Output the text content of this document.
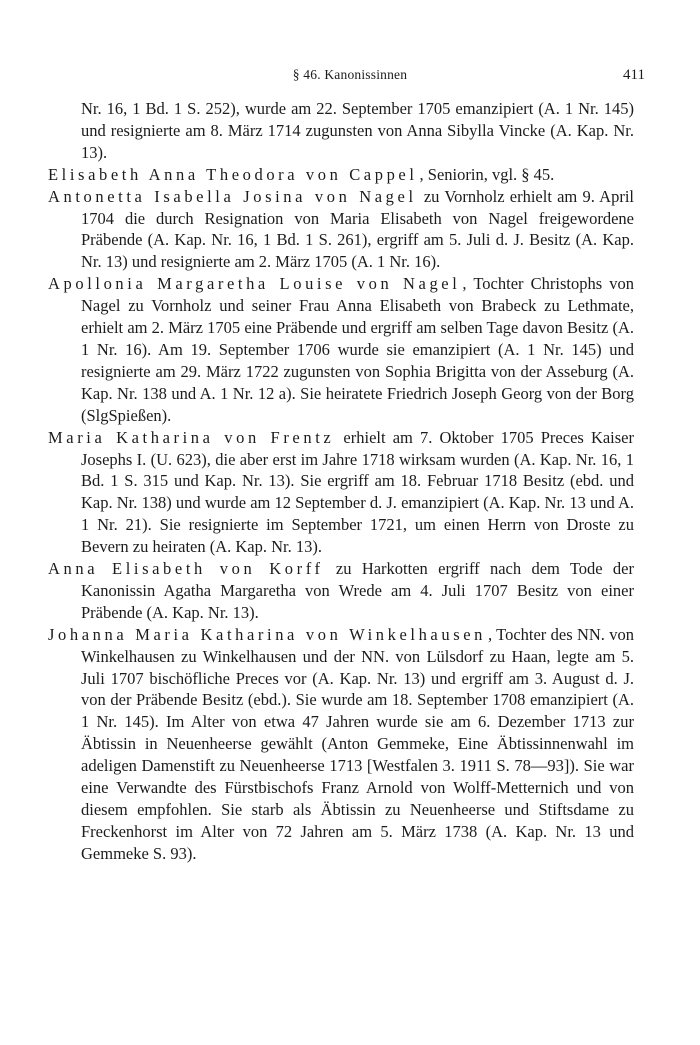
§ 46. Kanonissinnen	411

Nr. 16, 1 Bd. 1 S. 252), wurde am 22. September 1705 emanzipiert (A. 1 Nr. 145) und resignierte am 8. März 1714 zugunsten von Anna Sibylla Vincke (A. Kap. Nr. 13).

Elisabeth Anna Theodora von Cappel , Seniorin, vgl. § 45.

Antonetta Isabella Josina von Nagel zu Vornholz erhielt am 9. April 1704 die durch Resignation von Maria Elisabeth von Nagel freigewordene Präbende (A. Kap. Nr. 16, 1 Bd. 1 S. 261), ergriff am 5. Juli d. J. Besitz (A. Kap. Nr. 13) und resignierte am 2. März 1705 (A. 1 Nr. 16).

Apollonia Margaretha Louise von Nagel , Tochter Christophs von Nagel zu Vornholz und seiner Frau Anna Elisabeth von Brabeck zu Lethmate, erhielt am 2. März 1705 eine Präbende und ergriff am selben Tage davon Besitz (A. 1 Nr. 16). Am 19. September 1706 wurde sie emanzipiert (A. 1 Nr. 145) und resignierte am 29. März 1722 zugunsten von Sophia Brigitta von der Asseburg (A. Kap. Nr. 138 und A. 1 Nr. 12 a). Sie heiratete Friedrich Joseph Georg von der Borg (SlgSpießen).

Maria Katharina von Frentz erhielt am 7. Oktober 1705 Preces Kaiser Josephs I. (U. 623), die aber erst im Jahre 1718 wirksam wurden (A. Kap. Nr. 16, 1 Bd. 1 S. 315 und Kap. Nr. 13). Sie ergriff am 18. Februar 1718 Besitz (ebd. und Kap. Nr. 138) und wurde am 12 September d. J. emanzipiert (A. Kap. Nr. 13 und A. 1 Nr. 21). Sie resignierte im September 1721, um einen Herrn von Droste zu Bevern zu heiraten (A. Kap. Nr. 13).

Anna Elisabeth von Korff zu Harkotten ergriff nach dem Tode der Kanonissin Agatha Margaretha von Wrede am 4. Juli 1707 Besitz von einer Präbende (A. Kap. Nr. 13).

Johanna Maria Katharina von Winkelhausen , Tochter des NN. von Winkelhausen zu Winkelhausen und der NN. von Lülsdorf zu Haan, legte am 5. Juli 1707 bischöfliche Preces vor (A. Kap. Nr. 13) und ergriff am 3. August d. J. von der Präbende Besitz (ebd.). Sie wurde am 18. September 1708 emanzipiert (A. 1 Nr. 145). Im Alter von etwa 47 Jahren wurde sie am 6. Dezember 1713 zur Äbtissin in Neuenheerse gewählt (Anton Gemmeke, Eine Äbtissinnenwahl im adeligen Damenstift zu Neuenheerse 1713 [Westfalen 3. 1911 S. 78—93]). Sie war eine Verwandte des Fürstbischofs Franz Arnold von Wolff-Metternich und von diesem empfohlen. Sie starb als Äbtissin zu Neuenheerse und Stiftsdame zu Freckenhorst im Alter von 72 Jahren am 5. März 1738 (A. Kap. Nr. 13 und Gemmeke S. 93).
